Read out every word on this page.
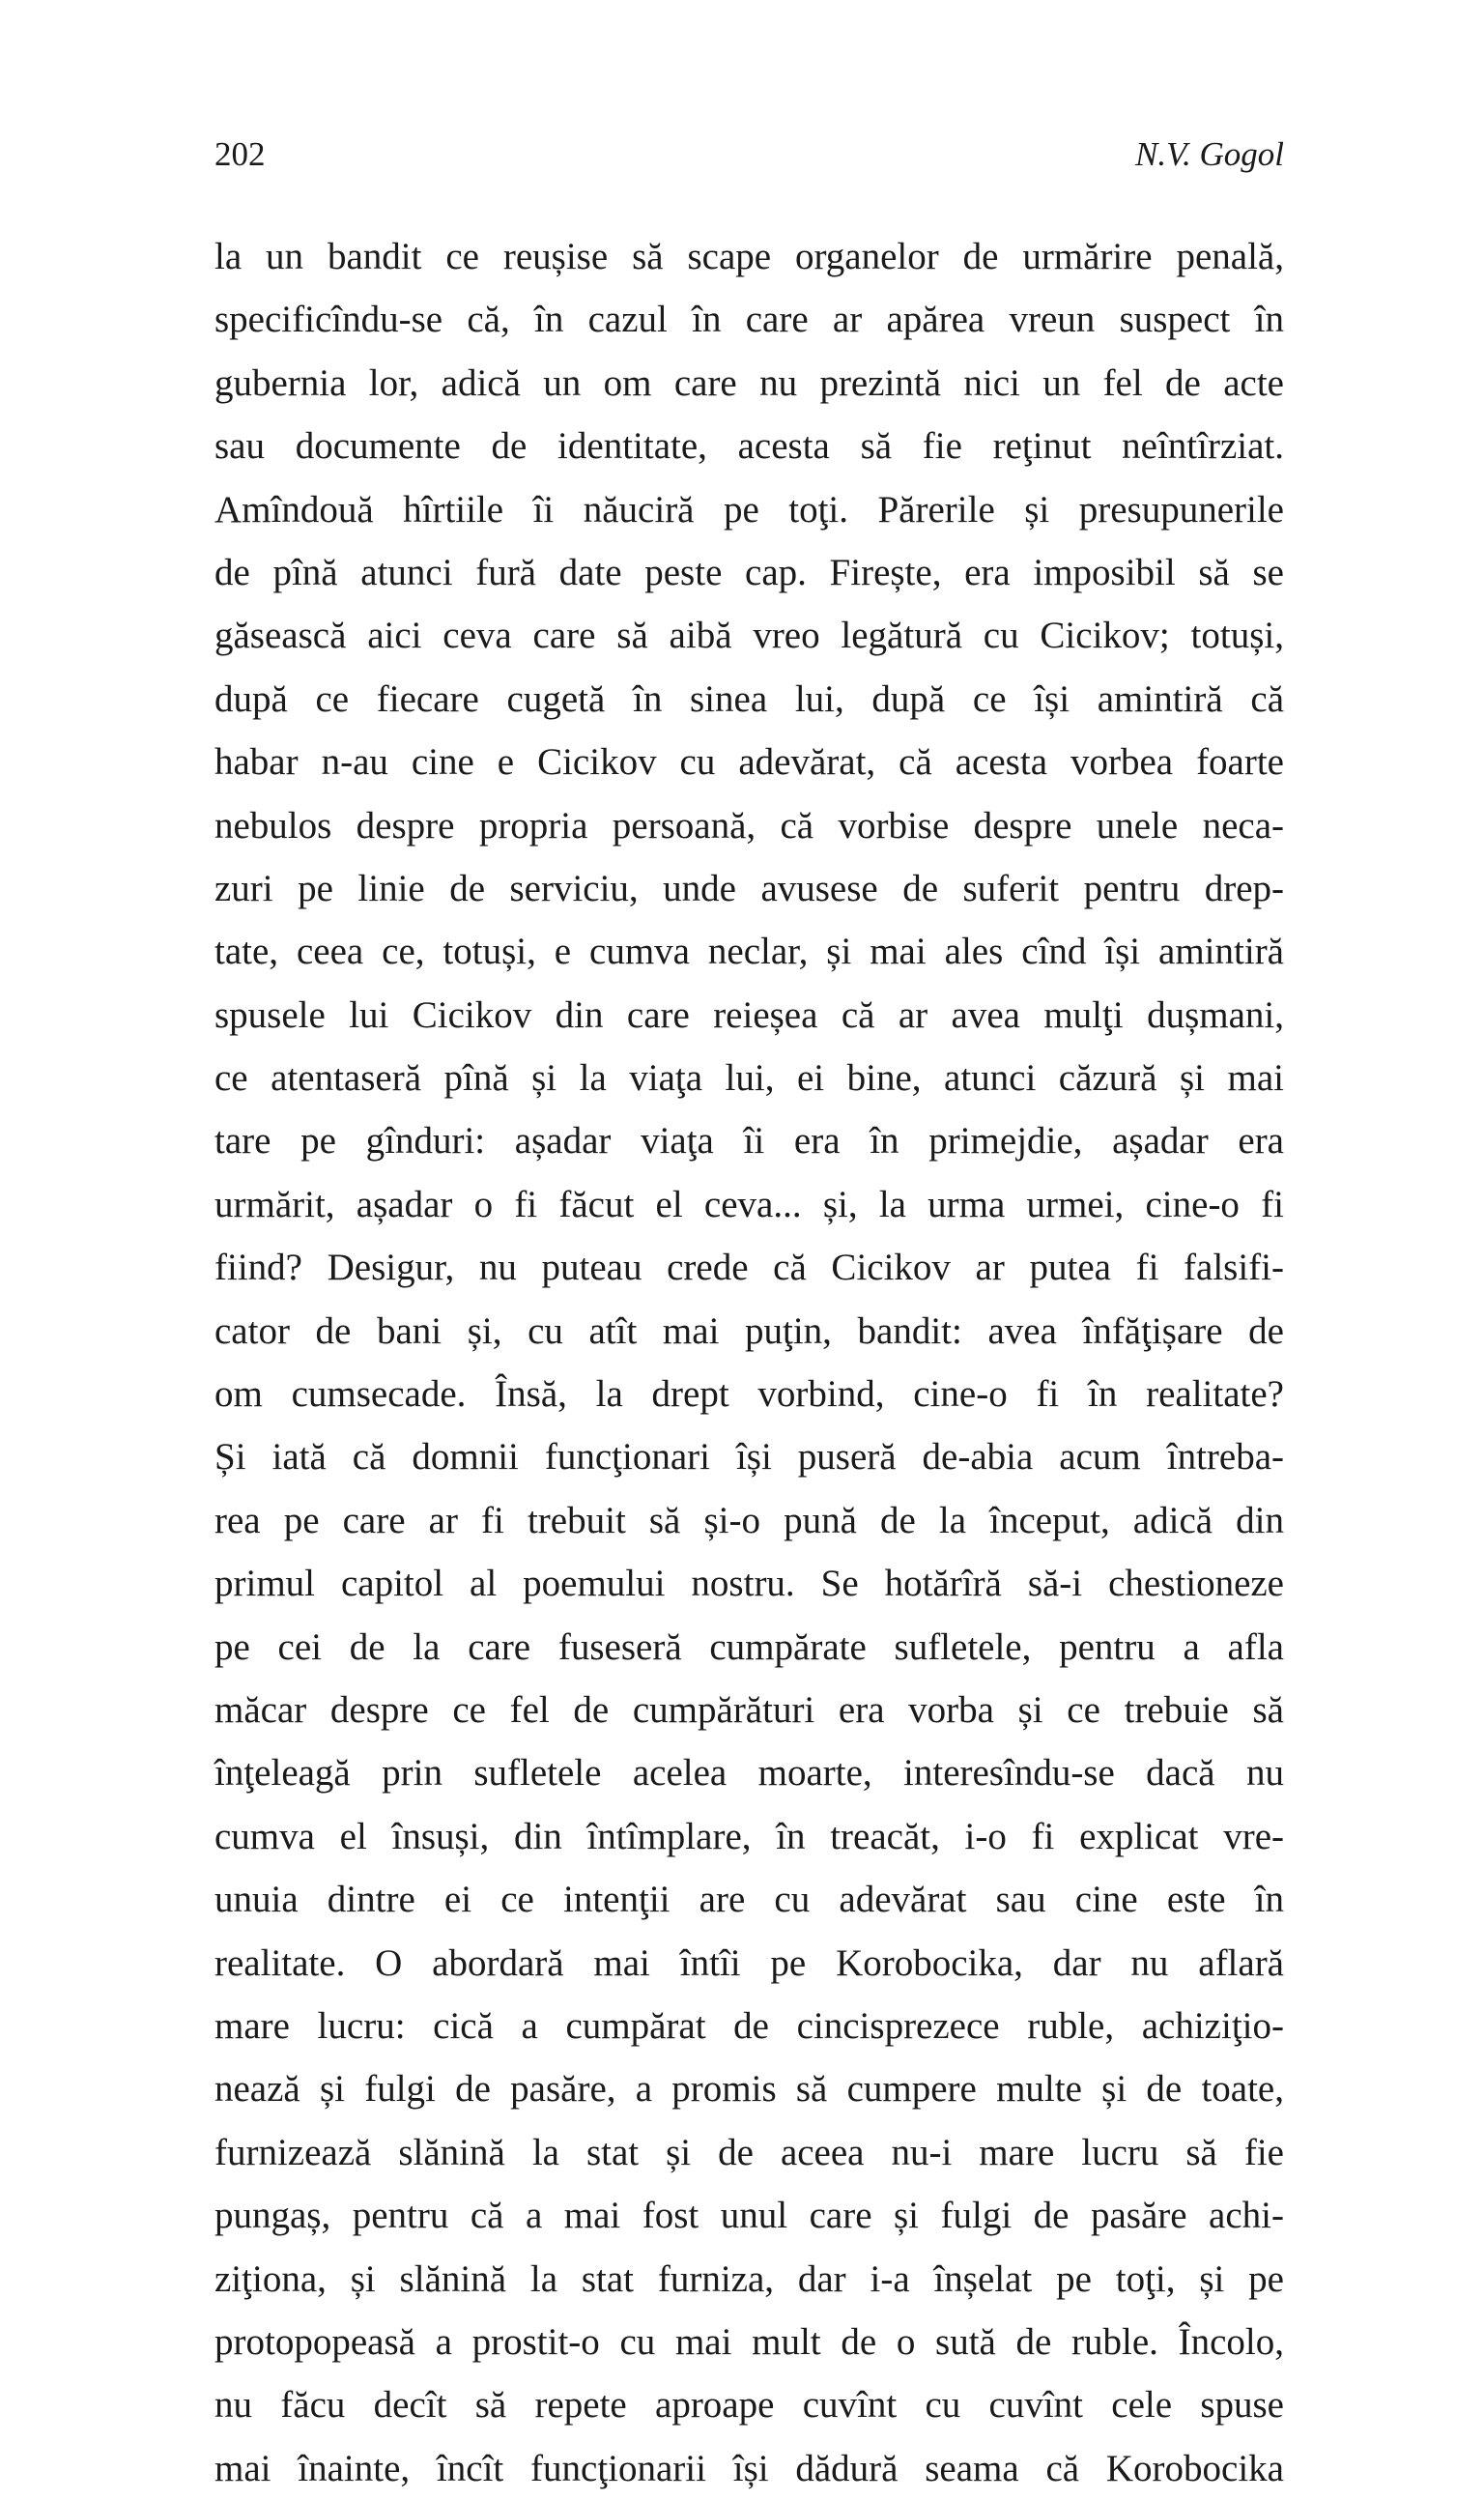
202	N.V. Gogol
la un bandit ce reușise să scape organelor de urmărire penală,
specificîndu-se că, în cazul în care ar apărea vreun suspect în
gubernia lor, adică un om care nu prezintă nici un fel de acte
sau documente de identitate, acesta să fie reţinut neîntîrziat.
Amîndouă hîrtiile îi năuciră pe toţi. Părerile și presupunerile
de pînă atunci fură date peste cap. Firește, era imposibil să se
găsească aici ceva care să aibă vreo legătură cu Cicikov; totuși,
după ce fiecare cugetă în sinea lui, după ce își amintiră că
habar n-au cine e Cicikov cu adevărat, că acesta vorbea foarte
nebulos despre propria persoană, că vorbise despre unele neca-
zuri pe linie de serviciu, unde avusese de suferit pentru drep-
tate, ceea ce, totuși, e cumva neclar, și mai ales cînd își amintiră
spusele lui Cicikov din care reieșea că ar avea mulţi dușmani,
ce atentaseră pînă și la viaţa lui, ei bine, atunci căzură și mai
tare pe gînduri: așadar viaţa îi era în primejdie, așadar era
urmărit, așadar o fi făcut el ceva... și, la urma urmei, cine-o fi
fiind? Desigur, nu puteau crede că Cicikov ar putea fi falsifi-
cator de bani și, cu atît mai puţin, bandit: avea înfăţișare de
om cumsecade. Însă, la drept vorbind, cine-o fi în realitate?
Și iată că domnii funcţionari își puseră de-abia acum întreba-
rea pe care ar fi trebuit să și-o pună de la început, adică din
primul capitol al poemului nostru. Se hotărîră să-i chestioneze
pe cei de la care fuseseră cumpărate sufletele, pentru a afla
măcar despre ce fel de cumpărături era vorba și ce trebuie să
înţeleagă prin sufletele acelea moarte, interesîndu-se dacă nu
cumva el însuși, din întîmplare, în treacăt, i-o fi explicat vre-
unuia dintre ei ce intenţii are cu adevărat sau cine este în
realitate. O abordară mai întîi pe Korobocika, dar nu aflară
mare lucru: cică a cumpărat de cincisprezece ruble, achiziţio-
nează și fulgi de pasăre, a promis să cumpere multe și de toate,
furnizează slănină la stat și de aceea nu-i mare lucru să fie
pungaș, pentru că a mai fost unul care și fulgi de pasăre achi-
ziţiona, și slănină la stat furniza, dar i-a înșelat pe toţi, și pe
protopopeasă a prostit-o cu mai mult de o sută de ruble. Încolo,
nu făcu decît să repete aproape cuvînt cu cuvînt cele spuse
mai înainte, încît funcţionarii își dădură seama că Korobocika
